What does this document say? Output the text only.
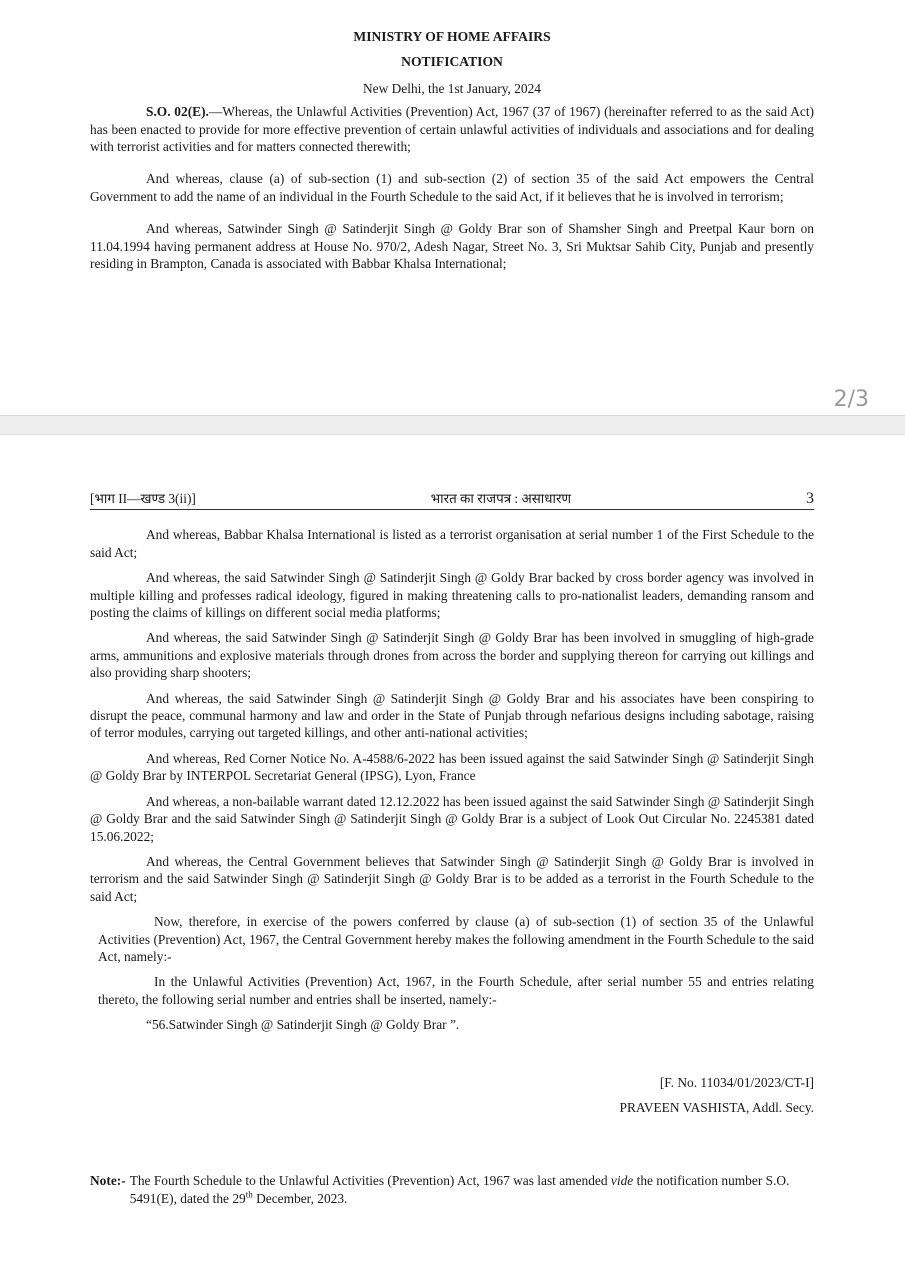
MINISTRY OF HOME AFFAIRS

NOTIFICATION

New Delhi, the 1st January, 2024

S.O. 02(E).—Whereas, the Unlawful Activities (Prevention) Act, 1967 (37 of 1967) (hereinafter referred to as the said Act) has been enacted to provide for more effective prevention of certain unlawful activities of individuals and associations and for dealing with terrorist activities and for matters connected therewith;

And whereas, clause (a) of sub-section (1) and sub-section (2) of section 35 of the said Act empowers the Central Government to add the name of an individual in the Fourth Schedule to the said Act, if it believes that he is involved in terrorism;

And whereas, Satwinder Singh @ Satinderjit Singh @ Goldy Brar son of Shamsher Singh and Preetpal Kaur born on 11.04.1994 having permanent address at House No. 970/2, Adesh Nagar, Street No. 3, Sri Muktsar Sahib City, Punjab and presently residing in Brampton, Canada is associated with Babbar Khalsa International;

2/3
[भाग II—खण्ड 3(ii)]	भारत का राजपत्र : असाधारण	3

And whereas, Babbar Khalsa International is listed as a terrorist organisation at serial number 1 of the First Schedule to the said Act;

And whereas, the said Satwinder Singh @ Satinderjit Singh @ Goldy Brar backed by cross border agency was involved in multiple killing and professes radical ideology, figured in making threatening calls to pro-nationalist leaders, demanding ransom and posting the claims of killings on different social media platforms;

And whereas, the said Satwinder Singh @ Satinderjit Singh @ Goldy Brar has been involved in smuggling of high-grade arms, ammunitions and explosive materials through drones from across the border and supplying thereon for carrying out killings and also providing sharp shooters;

And whereas, the said Satwinder Singh @ Satinderjit Singh @ Goldy Brar and his associates have been conspiring to disrupt the peace, communal harmony and law and order in the State of Punjab through nefarious designs including sabotage, raising of terror modules, carrying out targeted killings, and other anti-national activities;

And whereas, Red Corner Notice No. A-4588/6-2022 has been issued against the said Satwinder Singh @ Satinderjit Singh @ Goldy Brar by INTERPOL Secretariat General (IPSG), Lyon, France

And whereas, a non-bailable warrant dated 12.12.2022 has been issued against the said Satwinder Singh @ Satinderjit Singh @ Goldy Brar and the said Satwinder Singh @ Satinderjit Singh @ Goldy Brar is a subject of Look Out Circular No. 2245381 dated 15.06.2022;

And whereas, the Central Government believes that Satwinder Singh @ Satinderjit Singh @ Goldy Brar is involved in terrorism and the said Satwinder Singh @ Satinderjit Singh @ Goldy Brar is to be added as a terrorist in the Fourth Schedule to the said Act;

Now, therefore, in exercise of the powers conferred by clause (a) of sub-section (1) of section 35 of the Unlawful Activities (Prevention) Act, 1967, the Central Government hereby makes the following amendment in the Fourth Schedule to the said Act, namely:-

In the Unlawful Activities (Prevention) Act, 1967, in the Fourth Schedule, after serial number 55 and entries relating thereto, the following serial number and entries shall be inserted, namely:-

“56.Satwinder Singh @ Satinderjit Singh @ Goldy Brar ”.

[F. No. 11034/01/2023/CT-I]

PRAVEEN VASHISTA, Addl. Secy.

Note:- The Fourth Schedule to the Unlawful Activities (Prevention) Act, 1967 was last amended vide the notification number S.O. 5491(E), dated the 29th December, 2023.
